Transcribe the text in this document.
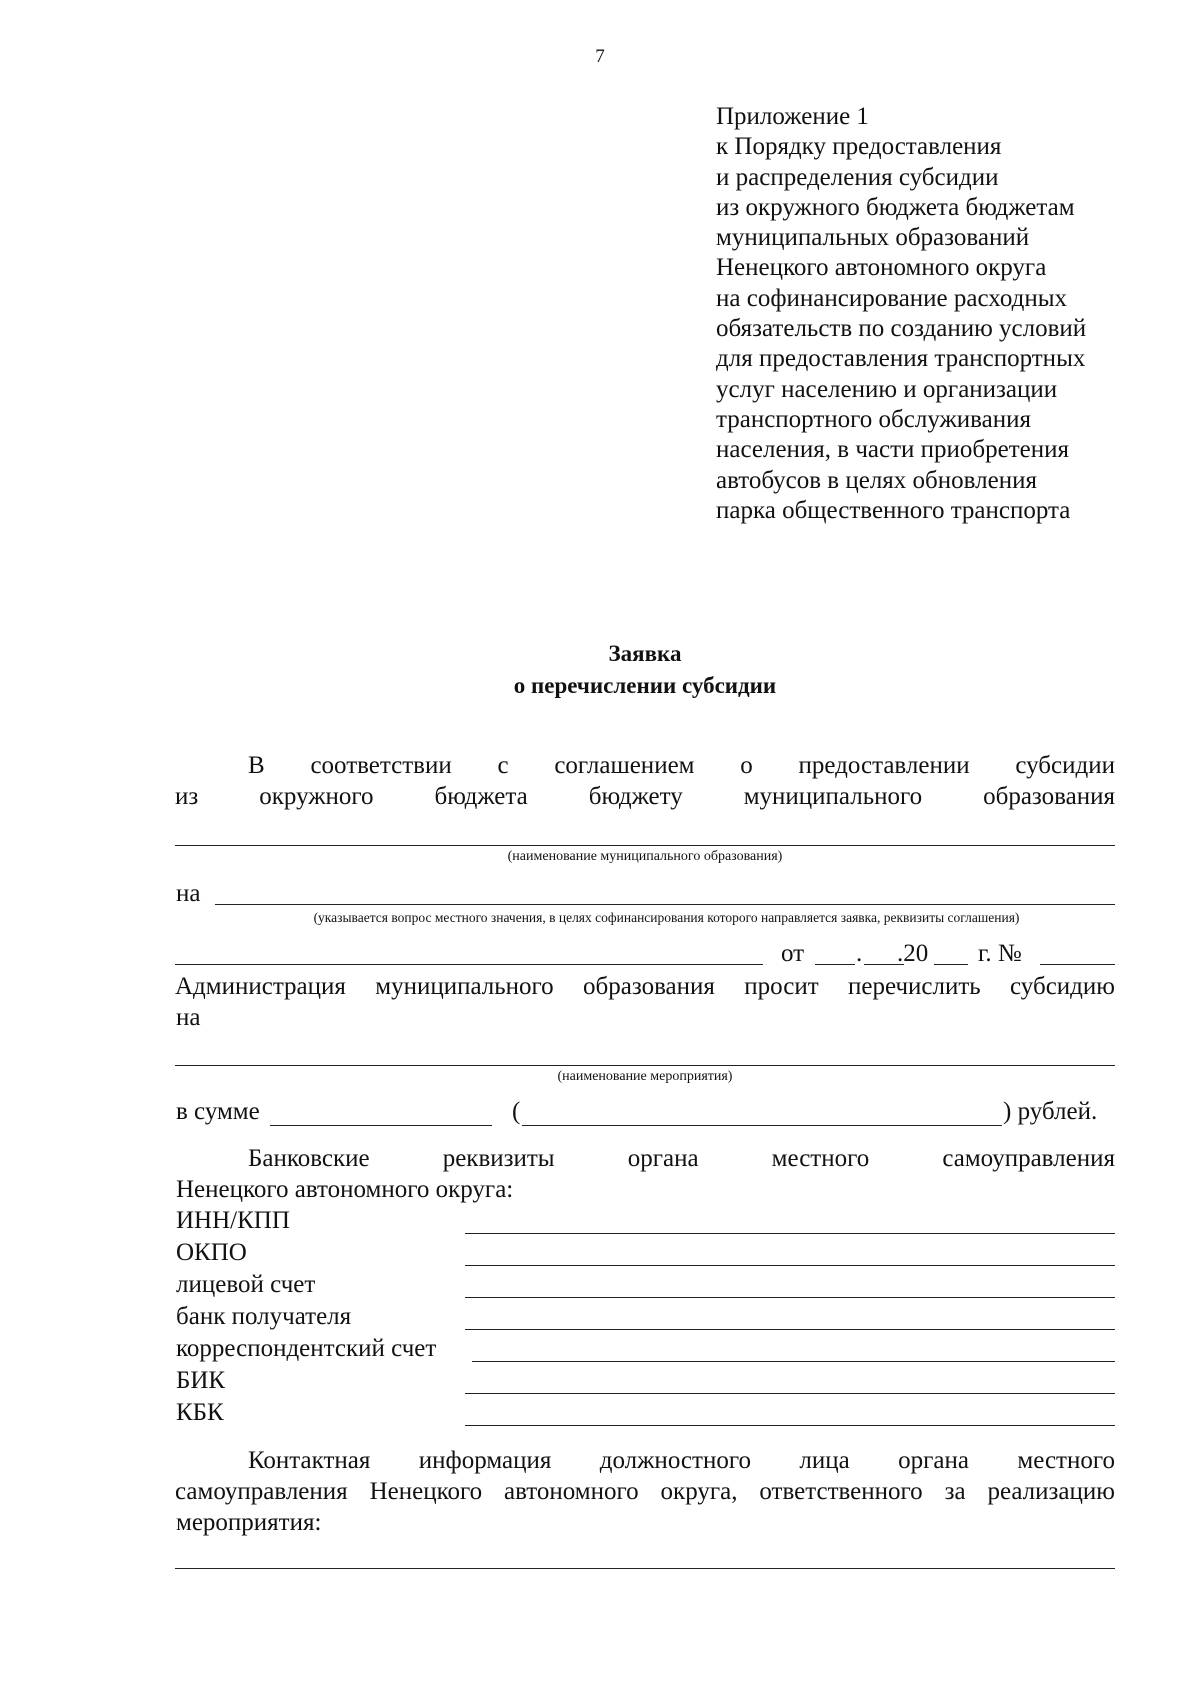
7
Приложение 1
к Порядку предоставления
и распределения субсидии
из окружного бюджета бюджетам
муниципальных образований
Ненецкого автономного округа
на софинансирование расходных
обязательств по созданию условий
для предоставления транспортных
услуг населению и организации
транспортного обслуживания
населения, в части приобретения
автобусов в целях обновления
парка общественного транспорта
Заявка
о перечислении субсидии
В соответствии с соглашением о предоставлении субсидии
из окружного бюджета бюджету муниципального образования
(наименование муниципального образования)
на
(указывается вопрос местного значения, в целях софинансирования которого направляется заявка, реквизиты соглашения)
от . .20 г. №
Администрация муниципального образования просит перечислить субсидию
на
(наименование мероприятия)
в сумме	(	) рублей.
Банковские	реквизиты	органа	местного	самоуправления
Ненецкого автономного округа:
ИНН/КПП
ОКПО
лицевой счет
банк получателя
корреспондентский счет
БИК
КБК
Контактная информация должностного лица органа местного
самоуправления Ненецкого автономного округа, ответственного за реализацию
мероприятия:
